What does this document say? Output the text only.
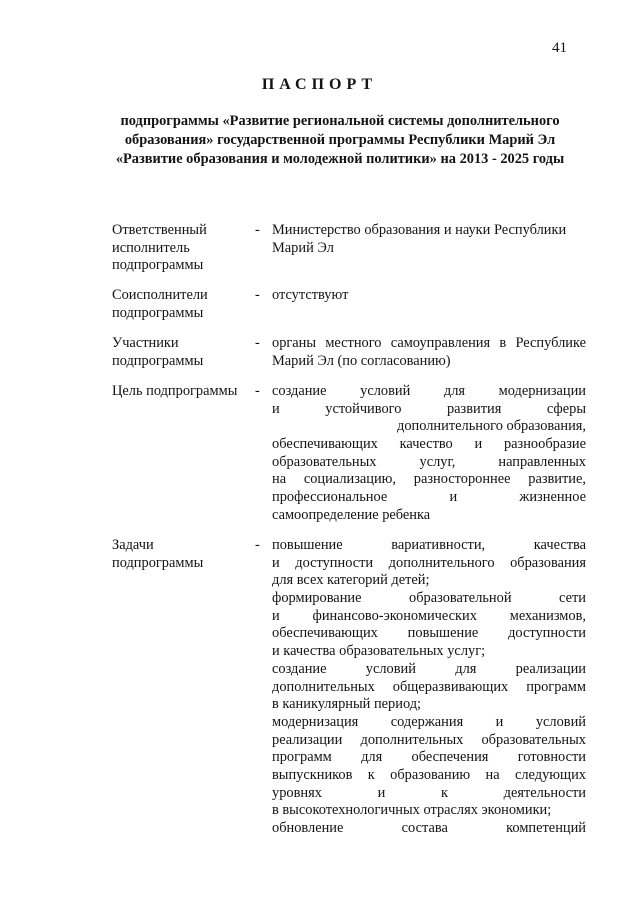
41
ПАСПОРТ
подпрограммы «Развитие региональной системы дополнительного
образования» государственной программы Республики Марий Эл
«Развитие образования и молодежной политики» на 2013 - 2025 годы
Ответственный
исполнитель
подпрограммы
- Министерство образования и науки Республики
Марий Эл
Соисполнители
подпрограммы
- отсутствуют
Участники
подпрограммы
- органы местного самоуправления в Республике
Марий Эл (по согласованию)
Цель подпрограммы	- создание условий для модернизации
и устойчивого развития сферы
дополнительного образования,
обеспечивающих качество и разнообразие
образовательных услуг, направленных
на социализацию, разностороннее развитие,
профессиональное и жизненное
самоопределение ребенка
Задачи
подпрограммы
- повышение вариативности, качества
и доступности дополнительного образования
для всех категорий детей;
формирование образовательной сети
и финансово-экономических механизмов,
обеспечивающих повышение доступности
и качества образовательных услуг;
создание условий для реализации
дополнительных общеразвивающих программ
в каникулярный период;
модернизация содержания и условий
реализации дополнительных образовательных
программ для обеспечения готовности
выпускников к образованию на следующих
уровнях и к деятельности
в высокотехнологичных отраслях экономики;
обновление состава компетенций
